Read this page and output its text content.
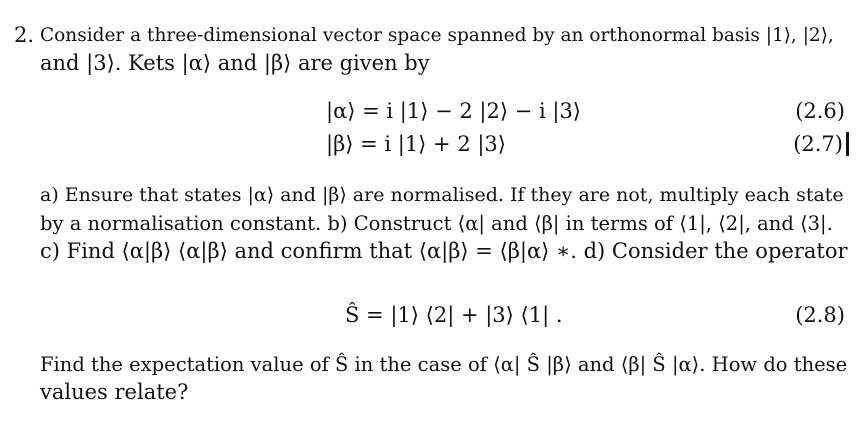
2. Consider a three-dimensional vector space spanned by an orthonormal basis |1⟩, |2⟩,
and |3⟩. Kets |α⟩ and |β⟩ are given by
|α⟩ = i |1⟩ − 2 |2⟩ − i |3⟩	(2.6)
|β⟩ = i |1⟩ + 2 |3⟩	(2.7)
a) Ensure that states |α⟩ and |β⟩ are normalised. If they are not, multiply each state
by a normalisation constant. b) Construct ⟨α| and ⟨β| in terms of ⟨1|, ⟨2|, and ⟨3|.
c) Find ⟨α|β⟩ ⟨α|β⟩ and confirm that ⟨α|β⟩ = ⟨β|α⟩ ∗. d) Consider the operator
Ŝ = |1⟩ ⟨2| + |3⟩ ⟨1| .	(2.8)
Find the expectation value of Ŝ in the case of ⟨α| Ŝ |β⟩ and ⟨β| Ŝ |α⟩. How do these
values relate?
